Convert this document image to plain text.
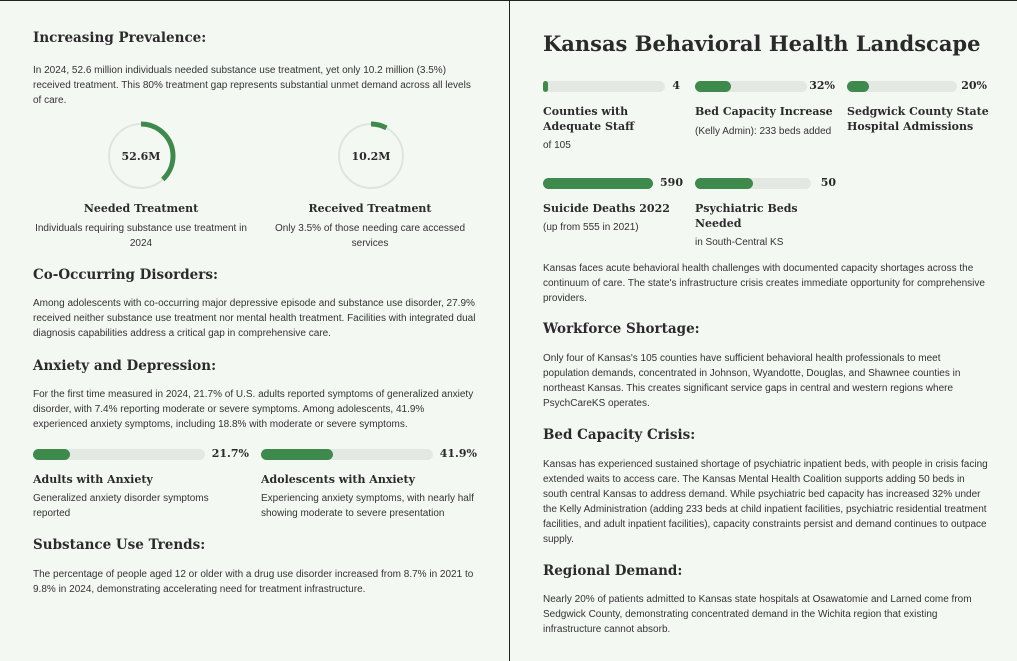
Increasing Prevalence:
In 2024, 52.6 million individuals needed substance use treatment, yet only 10.2 million (3.5%) received treatment. This 80% treatment gap represents substantial unmet demand across all levels of care.
52.6M
Needed Treatment
Individuals requiring substance use treatment in 2024
10.2M
Received Treatment
Only 3.5% of those needing care accessed services
Co-Occurring Disorders:
Among adolescents with co-occurring major depressive episode and substance use disorder, 27.9% received neither substance use treatment nor mental health treatment. Facilities with integrated dual diagnosis capabilities address a critical gap in comprehensive care.
Anxiety and Depression:
For the first time measured in 2024, 21.7% of U.S. adults reported symptoms of generalized anxiety disorder, with 7.4% reporting moderate or severe symptoms. Among adolescents, 41.9% experienced anxiety symptoms, including 18.8% with moderate or severe symptoms.
21.7%
Adults with Anxiety
Generalized anxiety disorder symptoms reported
41.9%
Adolescents with Anxiety
Experiencing anxiety symptoms, with nearly half showing moderate to severe presentation
Substance Use Trends:
The percentage of people aged 12 or older with a drug use disorder increased from 8.7% in 2021 to 9.8% in 2024, demonstrating accelerating need for treatment infrastructure.
Kansas Behavioral Health Landscape
4
Counties with Adequate Staff
of 105
32%
Bed Capacity Increase
(Kelly Admin): 233 beds added
20%
Sedgwick County State Hospital Admissions
590
Suicide Deaths 2022
(up from 555 in 2021)
50
Psychiatric Beds Needed
in South-Central KS
Kansas faces acute behavioral health challenges with documented capacity shortages across the continuum of care. The state's infrastructure crisis creates immediate opportunity for comprehensive providers.
Workforce Shortage:
Only four of Kansas's 105 counties have sufficient behavioral health professionals to meet population demands, concentrated in Johnson, Wyandotte, Douglas, and Shawnee counties in northeast Kansas. This creates significant service gaps in central and western regions where PsychCareKS operates.
Bed Capacity Crisis:
Kansas has experienced sustained shortage of psychiatric inpatient beds, with people in crisis facing extended waits to access care. The Kansas Mental Health Coalition supports adding 50 beds in south central Kansas to address demand. While psychiatric bed capacity has increased 32% under the Kelly Administration (adding 233 beds at child inpatient facilities, psychiatric residential treatment facilities, and adult inpatient facilities), capacity constraints persist and demand continues to outpace supply.
Regional Demand:
Nearly 20% of patients admitted to Kansas state hospitals at Osawatomie and Larned come from Sedgwick County, demonstrating concentrated demand in the Wichita region that existing infrastructure cannot absorb.
